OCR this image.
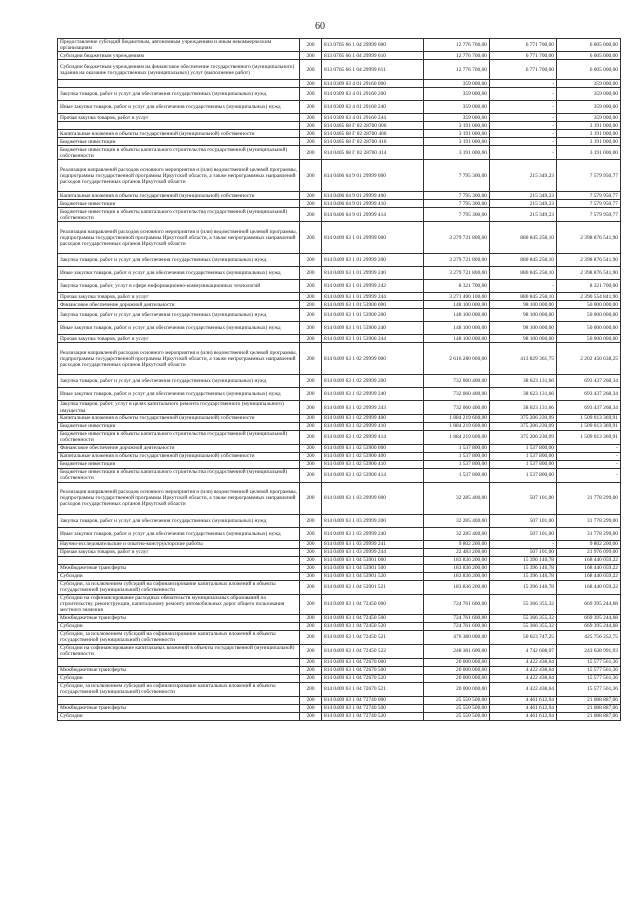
60
Предоставление субсидий бюджетным, автономным учреждениям и иным некоммерческим организациям	200	813 0705 66 1 04 29999 600	12 776 700,00	6 771 700,00	6 005 000,00
Субсидии бюджетным учреждениям	200	813 0705 66 1 04 29999 610	12 776 700,00	6 771 700,00	6 005 000,00
Субсидии бюджетным учреждениям на финансовое обеспечение государственного (муниципального) задания на оказание государственных (муниципальных) услуг (выполнение работ)	200	813 0705 66 1 04 29999 611	12 776 700,00	6 771 700,00	6 005 000,00
	200	814 0309 63 4 01 29160 000	359 000,00	-	359 000,00
Закупка товаров, работ и услуг для обеспечения государственных (муниципальных) нужд	200	814 0309 63 4 01 29160 200	359 000,00	-	359 000,00
Иные закупки товаров, работ и услуг для обеспечения государственных (муниципальных) нужд	200	814 0309 63 4 01 29160 240	359 000,00	-	359 000,00
Прочая закупка товаров, работ и услуг	200	814 0309 63 4 01 29160 244	359 000,00	-	359 000,00
	200	814 0405 68 Г 02 28700 000	3 191 000,00	-	3 191 000,00
Капитальные вложения в объекты государственной (муниципальной) собственности	200	814 0405 68 Г 02 28700 400	3 191 000,00	-	3 191 000,00
Бюджетные инвестиции	200	814 0405 68 Г 02 28700 410	3 191 000,00	-	3 191 000,00
Бюджетные инвестиции в объекты капитального строительства государственной (муниципальной) собственности	200	814 0405 68 Г 02 28700 414	3 191 000,00	-	3 191 000,00
Реализация направлений расходов основного мероприятия и (или) ведомственной целевой программы, подпрограммы государственной программы Иркутской области, а также непрограммных направлений расходов государственных органов Иркутской области	200	814 0406 64 9 01 29999 000	7 795 300,00	215 349,23	7 579 950,77
Капитальные вложения в объекты государственной (муниципальной) собственности	200	814 0406 64 9 01 29999 400	7 795 300,00	215 349,23	7 579 950,77
Бюджетные инвестиции	200	814 0406 64 9 01 29999 410	7 795 300,00	215 349,23	7 579 950,77
Бюджетные инвестиции в объекты капитального строительства государственной (муниципальной) собственности	200	814 0406 64 9 01 29999 414	7 795 300,00	215 349,23	7 579 950,77
Реализация направлений расходов основного мероприятия и (или) ведомственной целевой программы, подпрограммы государственной программы Иркутской области, а также непрограммных направлений расходов государственных органов Иркутской области	200	814 0409 63 1 01 29999 000	3 279 721 800,00	880 845 258,10	2 398 876 541,90
Закупка товаров, работ и услуг для обеспечения государственных (муниципальных) нужд	200	814 0409 63 1 01 29999 200	3 279 721 800,00	880 845 258,10	2 398 876 541,90
Иные закупки товаров, работ и услуг для обеспечения государственных (муниципальных) нужд	200	814 0409 63 1 01 29999 240	3 279 721 800,00	880 845 258,10	2 398 876 541,90
Закупка товаров, работ, услуг в сфере информационно-коммуникационных технологий	200	814 0409 63 1 01 29999 242	8 321 700,00	-	8 321 700,00
Прочая закупка товаров, работ и услуг	200	814 0409 63 1 01 29999 244	3 271 400 100,00	880 845 258,10	2 390 554 841,90
Финансовое обеспечение дорожной деятельности	200	814 0409 63 1 01 53900 000	148 100 000,00	98 100 000,00	50 000 000,00
Закупка товаров, работ и услуг для обеспечения государственных (муниципальных) нужд	200	814 0409 63 1 01 53900 200	148 100 000,00	98 100 000,00	50 000 000,00
Иные закупки товаров, работ и услуг для обеспечения государственных (муниципальных) нужд	200	814 0409 63 1 01 53900 240	148 100 000,00	98 100 000,00	50 000 000,00
Прочая закупка товаров, работ и услуг	200	814 0409 63 1 01 53900 244	148 100 000,00	98 100 000,00	50 000 000,00
Реализация направлений расходов основного мероприятия и (или) ведомственной целевой программы, подпрограммы государственной программы Иркутской области, а также непрограммных направлений расходов государственных органов Иркутской области	200	814 0409 63 1 02 29999 000	2 616 280 000,00	413 829 361,75	2 202 450 638,25
Закупка товаров, работ и услуг для обеспечения государственных (муниципальных) нужд	200	814 0409 63 1 02 29999 200	732 060 400,00	38 623 131,66	693 437 268,34
Иные закупки товаров, работ и услуг для обеспечения государственных (муниципальных) нужд	200	814 0409 63 1 02 29999 240	732 060 400,00	38 623 131,66	693 437 268,34
Закупка товаров, работ, услуг в целях капитального ремонта государственного (муниципального) имущества	200	814 0409 63 1 02 29999 243	732 060 400,00	38 623 131,66	693 437 268,34
Капитальные вложения в объекты государственной (муниципальной) собственности	200	814 0409 63 1 02 29999 400	1 884 219 600,00	375 206 230,09	1 509 013 369,91
Бюджетные инвестиции	200	814 0409 63 1 02 29999 410	1 884 219 600,00	375 206 230,09	1 509 013 369,91
Бюджетные инвестиции в объекты капитального строительства государственной (муниципальной) собственности	200	814 0409 63 1 02 29999 414	1 884 219 600,00	375 206 230,09	1 509 013 369,91
Финансовое обеспечение дорожной деятельности	200	814 0409 63 1 02 53900 000	1 537 800,00	1 537 800,00	-
Капитальные вложения в объекты государственной (муниципальной) собственности	200	814 0409 63 1 02 53900 400	1 537 800,00	1 537 800,00	-
Бюджетные инвестиции	200	814 0409 63 1 02 53900 410	1 537 800,00	1 537 800,00	-
Бюджетные инвестиции в объекты капитального строительства государственной (муниципальной) собственности	200	814 0409 63 1 02 53900 414	1 537 800,00	1 537 800,00	-
Реализация направлений расходов основного мероприятия и (или) ведомственной целевой программы, подпрограммы государственной программы Иркутской области, а также непрограммных направлений расходов государственных органов Иркутской области	200	814 0409 63 1 03 29999 000	32 285 400,00	507 101,00	31 778 299,00
Закупка товаров, работ и услуг для обеспечения государственных (муниципальных) нужд	200	814 0409 63 1 03 29999 200	32 285 400,00	507 101,00	31 778 299,00
Иные закупки товаров, работ и услуг для обеспечения государственных (муниципальных) нужд	200	814 0409 63 1 03 29999 240	32 285 400,00	507 101,00	31 778 299,00
Научно-исследовательские и опытно-конструкторские работы	200	814 0409 63 1 03 29999 241	9 802 200,00	-	9 802 200,00
Прочая закупка товаров, работ и услуг	200	814 0409 63 1 03 29999 244	22 483 200,00	507 101,00	21 976 099,00
	200	814 0409 63 1 04 53901 000	183 836 200,00	15 396 140,78	168 440 059,22
Межбюджетные трансферты	200	814 0409 63 1 04 53901 500	183 836 200,00	15 396 140,78	168 440 059,22
Субсидии	200	814 0409 63 1 04 53901 520	183 836 200,00	15 396 140,78	168 440 059,22
Субсидии, за исключением субсидий на софинансирование капитальных вложений в объекты государственной (муниципальной) собственности	200	814 0409 63 1 04 53901 521	183 836 200,00	15 396 140,78	168 440 059,22
Субсидии на софинансирование расходных обязательств муниципальных образований по строительству, реконструкции, капитальному ремонту автомобильных дорог общего пользования местного значения	200	814 0409 63 1 04 72450 000	724 761 600,00	55 366 355,32	669 395 244,68
Межбюджетные трансферты	200	814 0409 63 1 04 72450 500	724 761 600,00	55 366 355,32	669 395 244,68
Субсидии	200	814 0409 63 1 04 72450 520	724 761 600,00	55 366 355,32	669 395 244,68
Субсидии, за исключением субсидий на софинансирование капитальных вложений в объекты государственной (муниципальной) собственности	200	814 0409 63 1 04 72450 521	476 380 000,00	50 623 747,25	425 756 252,75
Субсидии на софинансирование капитальных вложений в объекты государственной (муниципальной) собственности	200	814 0409 63 1 04 72450 522	248 381 600,00	4 742 608,07	243 638 991,93
	200	814 0409 63 1 04 72670 000	20 000 000,00	4 422 438,64	15 577 561,36
Межбюджетные трансферты	200	814 0409 63 1 04 72670 500	20 000 000,00	4 422 438,64	15 577 561,36
Субсидии	200	814 0409 63 1 04 72670 520	20 000 000,00	4 422 438,64	15 577 561,36
Субсидии, за исключением субсидий на софинансирование капитальных вложений в объекты государственной (муниципальной) собственности	200	814 0409 63 1 04 72670 521	20 000 000,00	4 422 438,64	15 577 561,36
	200	814 0409 63 1 04 72740 000	25 550 500,00	4 461 612,94	21 088 887,06
Межбюджетные трансферты	200	814 0409 63 1 04 72740 500	25 550 500,00	4 461 612,94	21 088 887,06
Субсидии	200	814 0409 63 1 04 72740 520	25 550 500,00	4 461 612,94	21 088 887,06
